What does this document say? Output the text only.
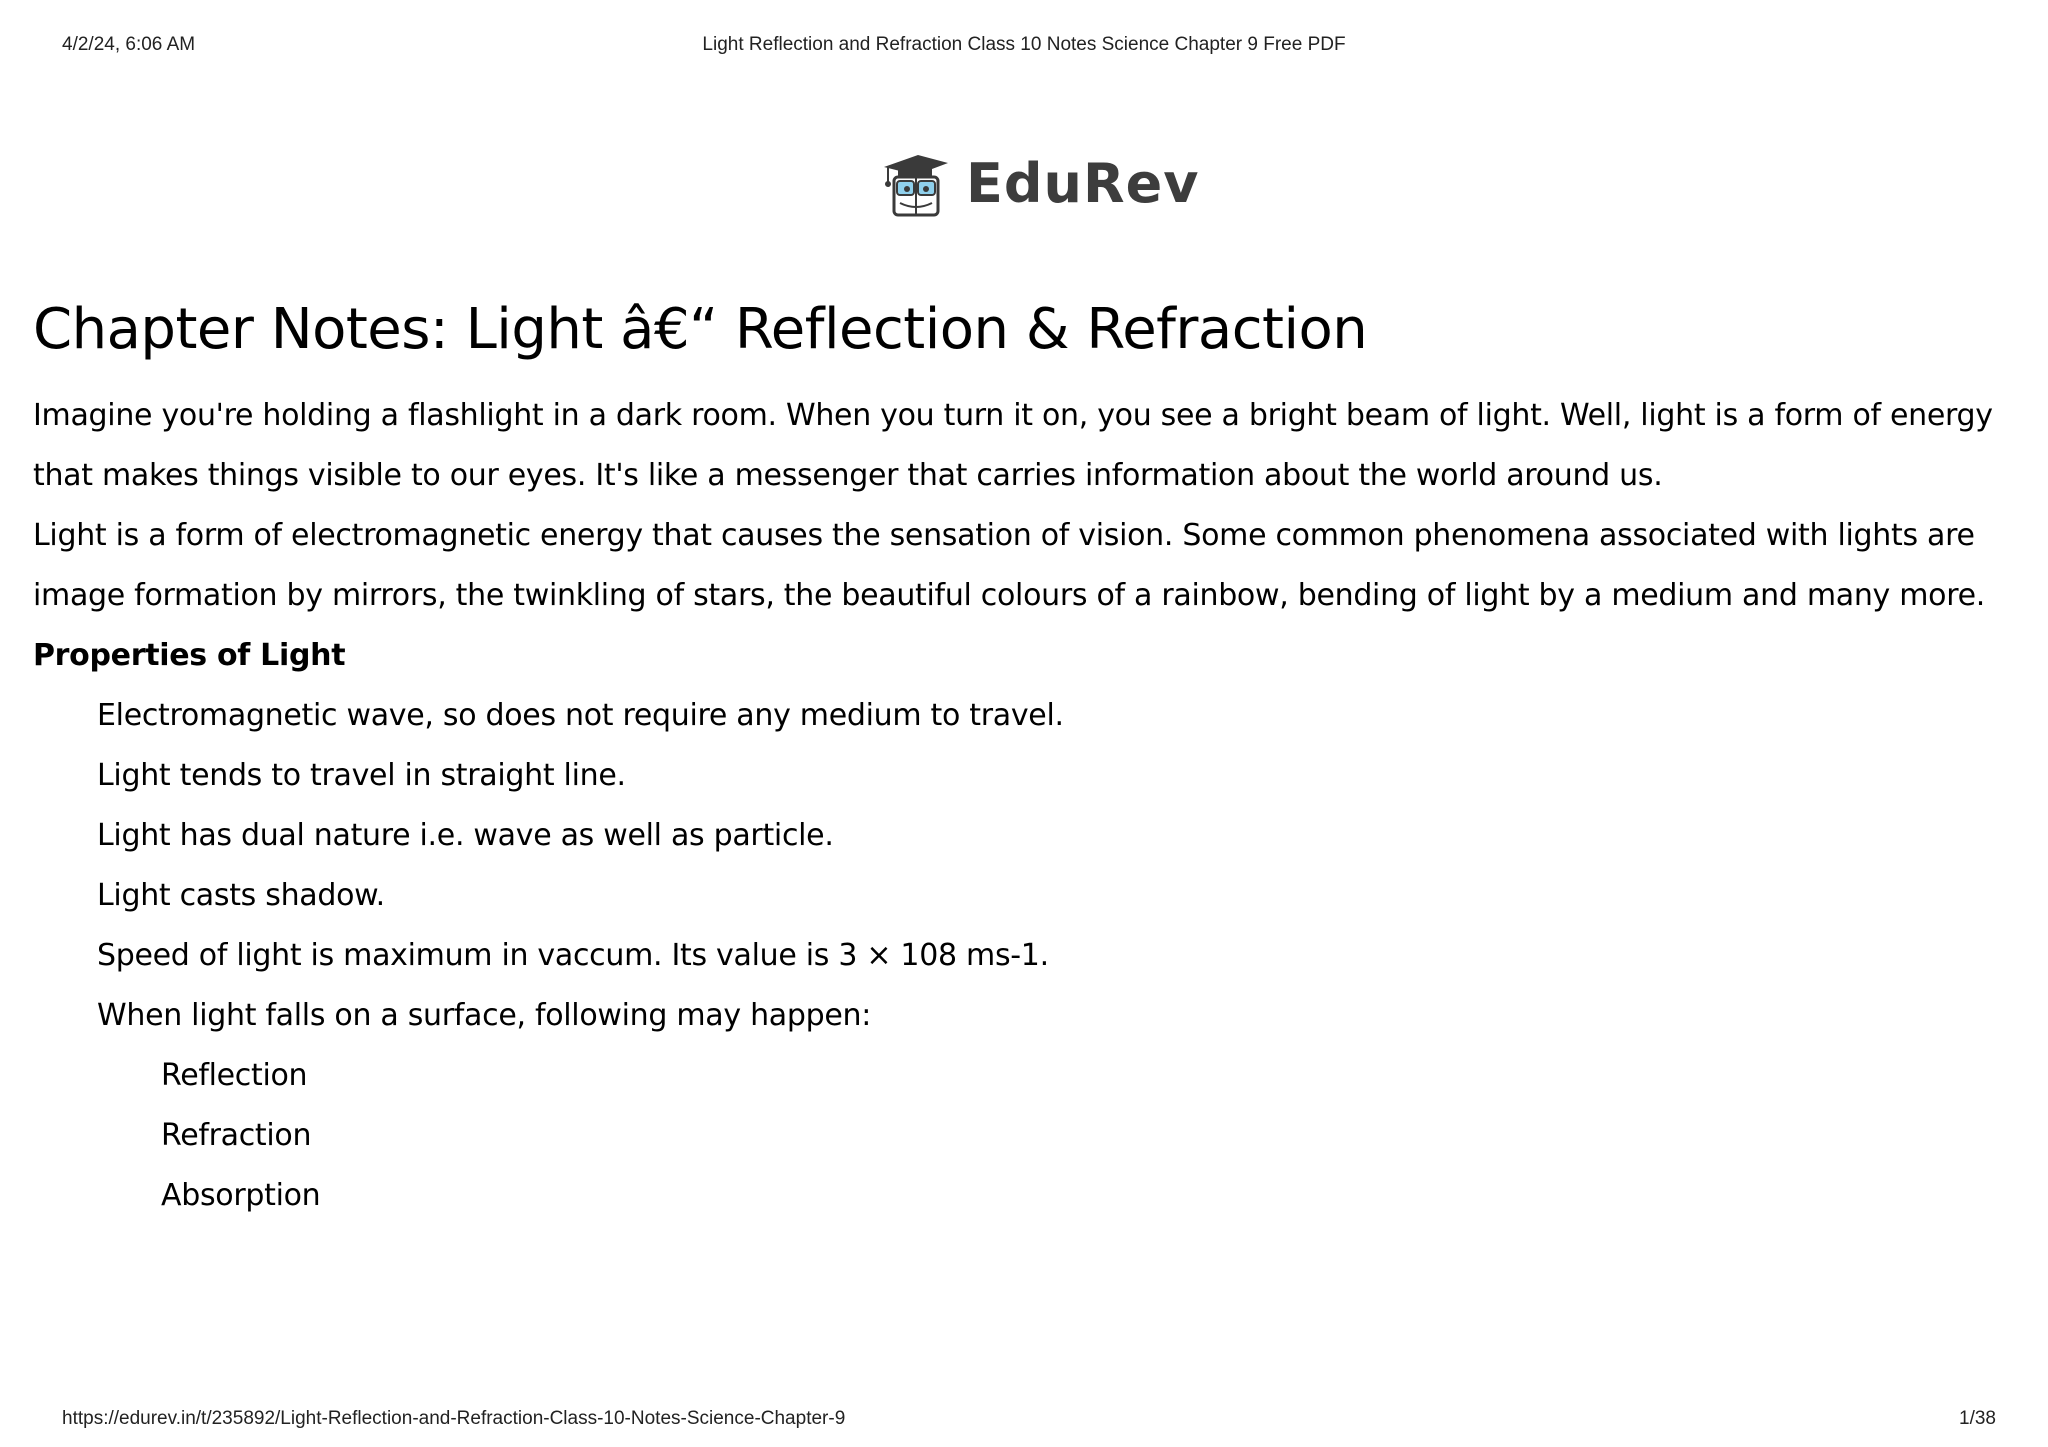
4/2/24, 6:06 AM	Light Reflection and Refraction Class 10 Notes Science Chapter 9 Free PDF
EduRev
Chapter Notes: Light â€“ Reflection & Refraction

Imagine you're holding a flashlight in a dark room. When you turn it on, you see a bright beam of light. Well, light is a form of energy that makes things visible to our eyes. It's like a messenger that carries information about the world around us.

Light is a form of electromagnetic energy that causes the sensation of vision. Some common phenomena associated with lights are image formation by mirrors, the twinkling of stars, the beautiful colours of a rainbow, bending of light by a medium and many more.

Properties of Light
Electromagnetic wave, so does not require any medium to travel.
Light tends to travel in straight line.
Light has dual nature i.e. wave as well as particle.
Light casts shadow.
Speed of light is maximum in vaccum. Its value is 3 × 108 ms-1.
When light falls on a surface, following may happen:
Reflection
Refraction
Absorption
https://edurev.in/t/235892/Light-Reflection-and-Refraction-Class-10-Notes-Science-Chapter-9	1/38
